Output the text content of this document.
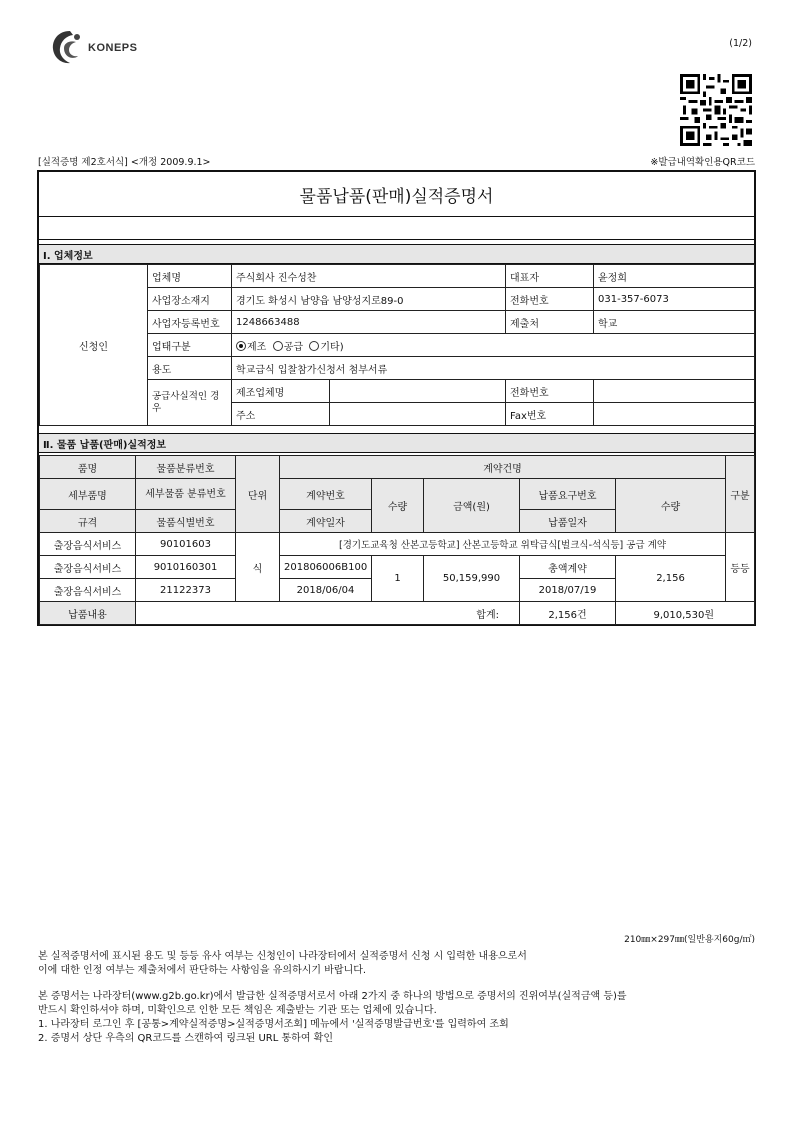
KONEPS	(1/2)
[실적증명 제2호서식] <개정 2009.9.1>	※발급내역확인용QR코드
물품납품(판매)실적증명서
Ⅰ. 업체정보
신청인	업체명	주식회사 진수성찬		대표자	윤정희
	사업장소재지	경기도 화성시 남양읍 남양성지로89-0		전화번호	031-357-6073
	사업자등록번호	1248663488		제출처	학교
	업태구분	제조 공급 기타)			
	용도	학교급식 입찰참가신청서 첨부서류			
	공급사실적인 경우	제조업체명		전화번호	
		주소		Fax번호	
Ⅱ. 물품 납품(판매)실적정보
품명	물품분류번호	단위	계약건명					구분	
세부품명	세부물품 분류번호		계약번호	수량	금액(원)	납품요구번호	수량	
규격	물품식별번호		계약일자			납품일자			
출장음식서비스	90101603	식	[경기도교육청 산본고등학교] 산본고등학교 위탁급식[벌크식-석식등] 공급 계약					등등	
출장음식서비스	9010160301		201806006B100	1	50,159,990	총액계약	2,156	
출장음식서비스	21122373		2018/06/04			2018/07/19			
납품내용	합계:					2,156건	9,010,530원		
210㎜×297㎜(일반용지60g/㎡)
본 실적증명서에 표시된 용도 및 등등 유사 여부는 신청인이 나라장터에서 실적증명서 신청 시 입력한 내용으로서
이에 대한 인정 여부는 제출처에서 판단하는 사항임을 유의하시기 바랍니다.
본 증명서는 나라장터(www.g2b.go.kr)에서 발급한 실적증명서로서 아래 2가지 중 하나의 방법으로 증명서의 진위여부(실적금액 등)를
반드시 확인하셔야 하며, 미확인으로 인한 모든 책임은 제출받는 기관 또는 업체에 있습니다.
1. 나라장터 로그인 후 [공통>계약실적증명>실적증명서조회] 메뉴에서 '실적증명발급번호'를 입력하여 조회
2. 증명서 상단 우측의 QR코드를 스캔하여 링크된 URL 통하여 확인
